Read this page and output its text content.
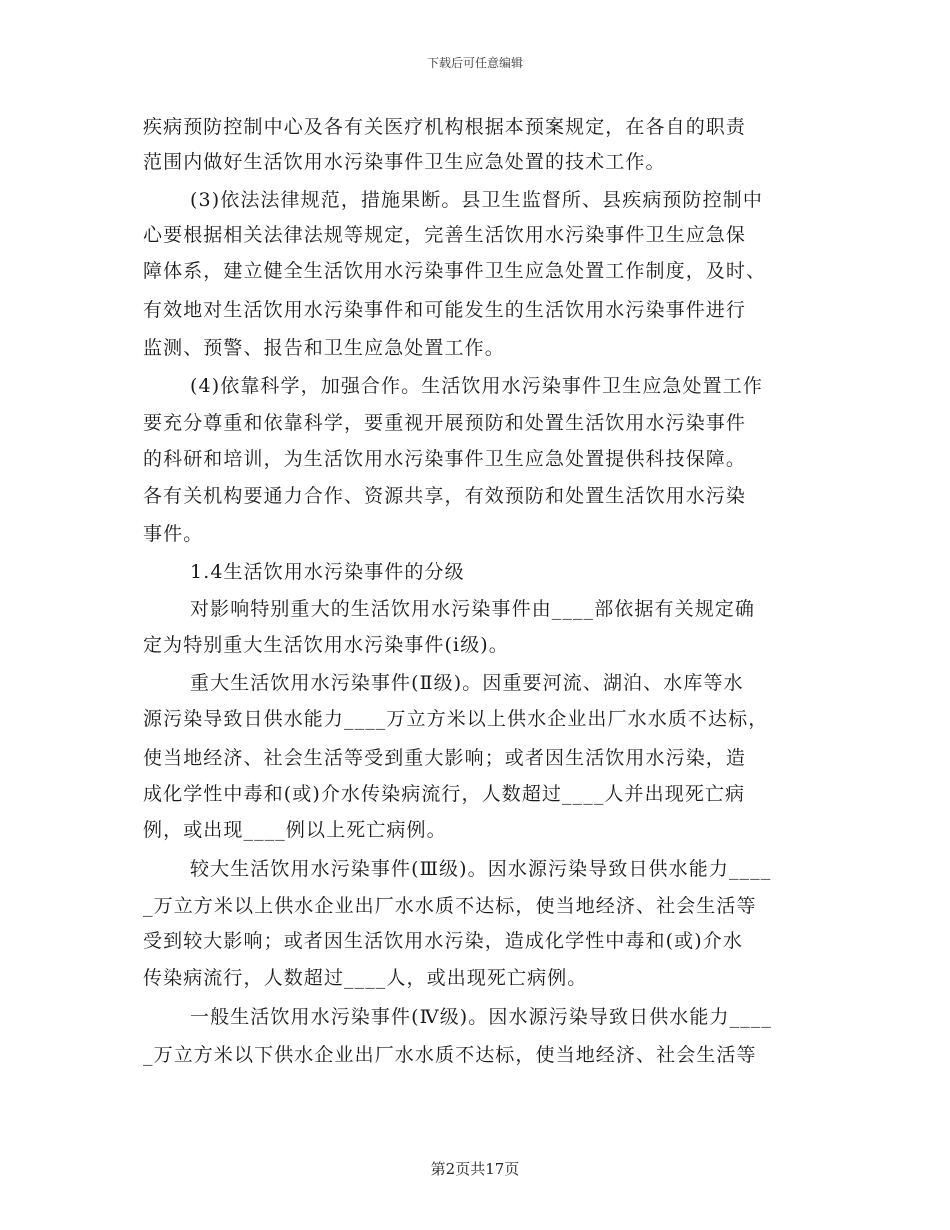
下载后可任意编辑
疾病预防控制中心及各有关医疗机构根据本预案规定，在各自的职责
范围内做好生活饮用水污染事件卫生应急处置的技术工作。
(3)依法法律规范，措施果断。县卫生监督所、县疾病预防控制中
心要根据相关法律法规等规定，完善生活饮用水污染事件卫生应急保
障体系，建立健全生活饮用水污染事件卫生应急处置工作制度，及时、
有效地对生活饮用水污染事件和可能发生的生活饮用水污染事件进行
监测、预警、报告和卫生应急处置工作。
(4)依靠科学，加强合作。生活饮用水污染事件卫生应急处置工作
要充分尊重和依靠科学，要重视开展预防和处置生活饮用水污染事件
的科研和培训，为生活饮用水污染事件卫生应急处置提供科技保障。
各有关机构要通力合作、资源共享，有效预防和处置生活饮用水污染
事件。
1.4生活饮用水污染事件的分级
对影响特别重大的生活饮用水污染事件由____部依据有关规定确
定为特别重大生活饮用水污染事件(i级)。
重大生活饮用水污染事件(Ⅱ级)。因重要河流、湖泊、水库等水
源污染导致日供水能力____万立方米以上供水企业出厂水水质不达标，
使当地经济、社会生活等受到重大影响；或者因生活饮用水污染，造
成化学性中毒和(或)介水传染病流行，人数超过____人并出现死亡病
例，或出现____例以上死亡病例。
较大生活饮用水污染事件(Ⅲ级)。因水源污染导致日供水能力____
_万立方米以上供水企业出厂水水质不达标，使当地经济、社会生活等
受到较大影响；或者因生活饮用水污染，造成化学性中毒和(或)介水
传染病流行，人数超过____人，或出现死亡病例。
一般生活饮用水污染事件(Ⅳ级)。因水源污染导致日供水能力____
_万立方米以下供水企业出厂水水质不达标，使当地经济、社会生活等
第2页共17页
